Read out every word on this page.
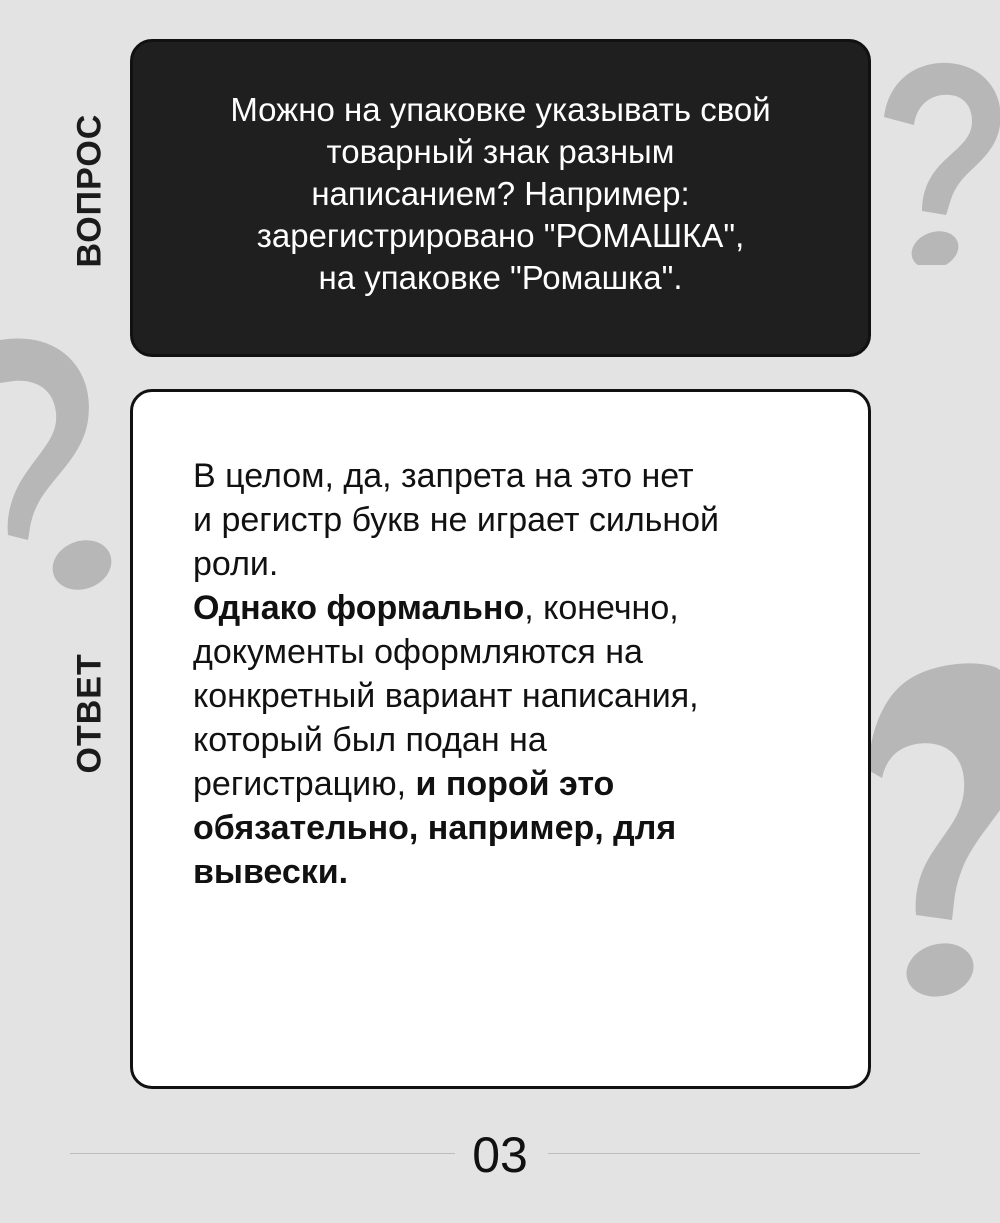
ВОПРОС
ОТВЕТ
Можно на упаковке указывать свой
товарный знак разным
написанием? Например:
зарегистрировано "РОМАШКА",
на упаковке "Ромашка".
В целом, да, запрета на это нет
и регистр букв не играет сильной
роли.
Однако формально, конечно,
документы оформляются на
конкретный вариант написания,
который был подан на
регистрацию, и порой это
обязательно, например, для
вывески.
03
